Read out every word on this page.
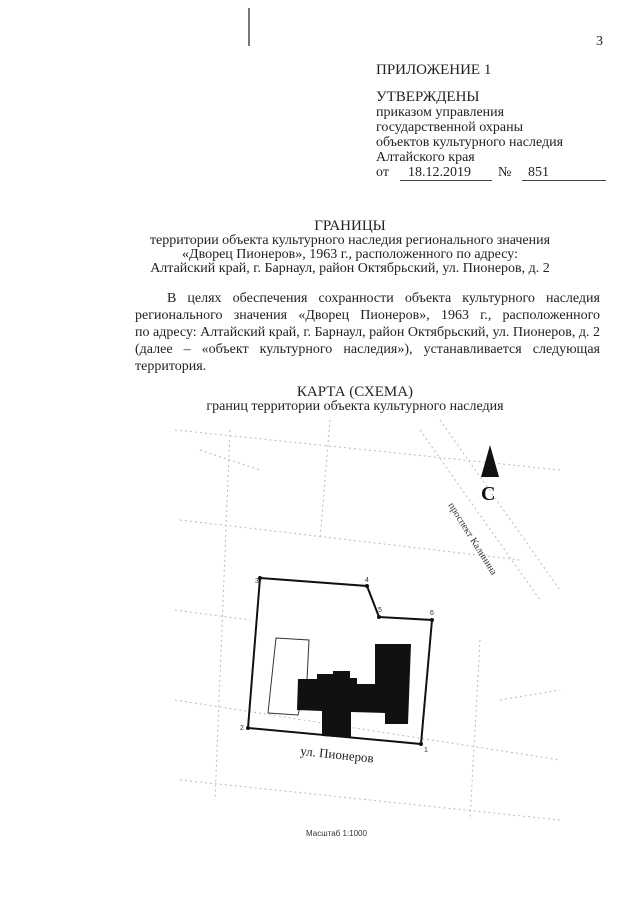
3
ПРИЛОЖЕНИЕ 1
УТВЕРЖДЕНЫ
приказом управления
государственной охраны
объектов культурного наследия
Алтайского края
от	18.12.2019	№	851
ГРАНИЦЫ
территории объекта культурного наследия регионального значения
«Дворец Пионеров», 1963 г., расположенного по адресу:
Алтайский край, г. Барнаул, район Октябрьский, ул. Пионеров, д. 2
В целях обеспечения сохранности объекта культурного наследия
регионального значения «Дворец Пионеров», 1963 г., расположенного
по адресу: Алтайский край, г. Барнаул, район Октябрьский, ул. Пионеров, д. 2
(далее – «объект культурного наследия»), устанавливается следующая
территория.
КАРТА (СХЕМА)
границ территории объекта культурного наследия
1
2
3	4
5	6
С
ул. Пионеров
проспект Калинина
Масштаб 1:1000
